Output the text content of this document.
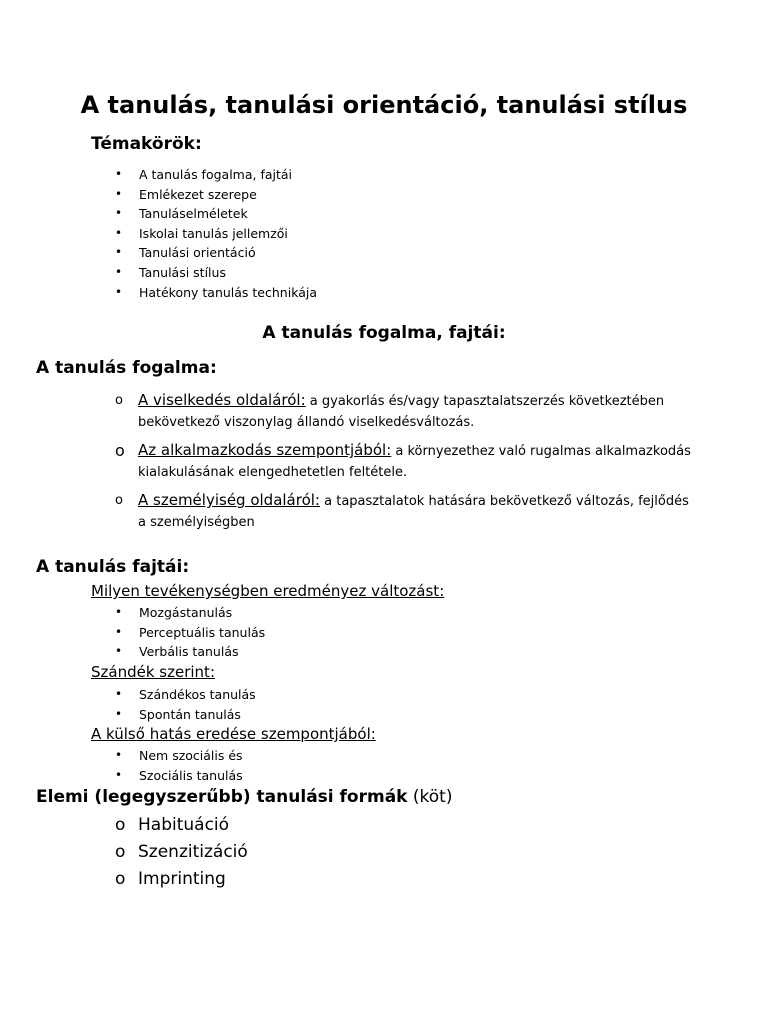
A tanulás, tanulási orientáció, tanulási stílus
Témakörök:
• A tanulás fogalma, fajtái
• Emlékezet szerepe
• Tanuláselméletek
• Iskolai tanulás jellemzői
• Tanulási orientáció
• Tanulási stílus
• Hatékony tanulás technikája
A tanulás fogalma, fajtái:
A tanulás fogalma:
o A viselkedés oldaláról: a gyakorlás és/vagy tapasztalatszerzés következtében bekövetkező viszonylag állandó viselkedésváltozás.
o Az alkalmazkodás szempontjából: a környezethez való rugalmas alkalmazkodás kialakulásának elengedhetetlen feltétele.
o A személyiség oldaláról: a tapasztalatok hatására bekövetkező változás, fejlődés a személyiségben
A tanulás fajtái:
Milyen tevékenységben eredményez változást:
• Mozgástanulás
• Perceptuális tanulás
• Verbális tanulás
Szándék szerint:
• Szándékos tanulás
• Spontán tanulás
A külső hatás eredése szempontjából:
• Nem szociális és
• Szociális tanulás
Elemi (legegyszerűbb) tanulási formák (köt)
o Habituáció
o Szenzitizáció
o Imprinting
